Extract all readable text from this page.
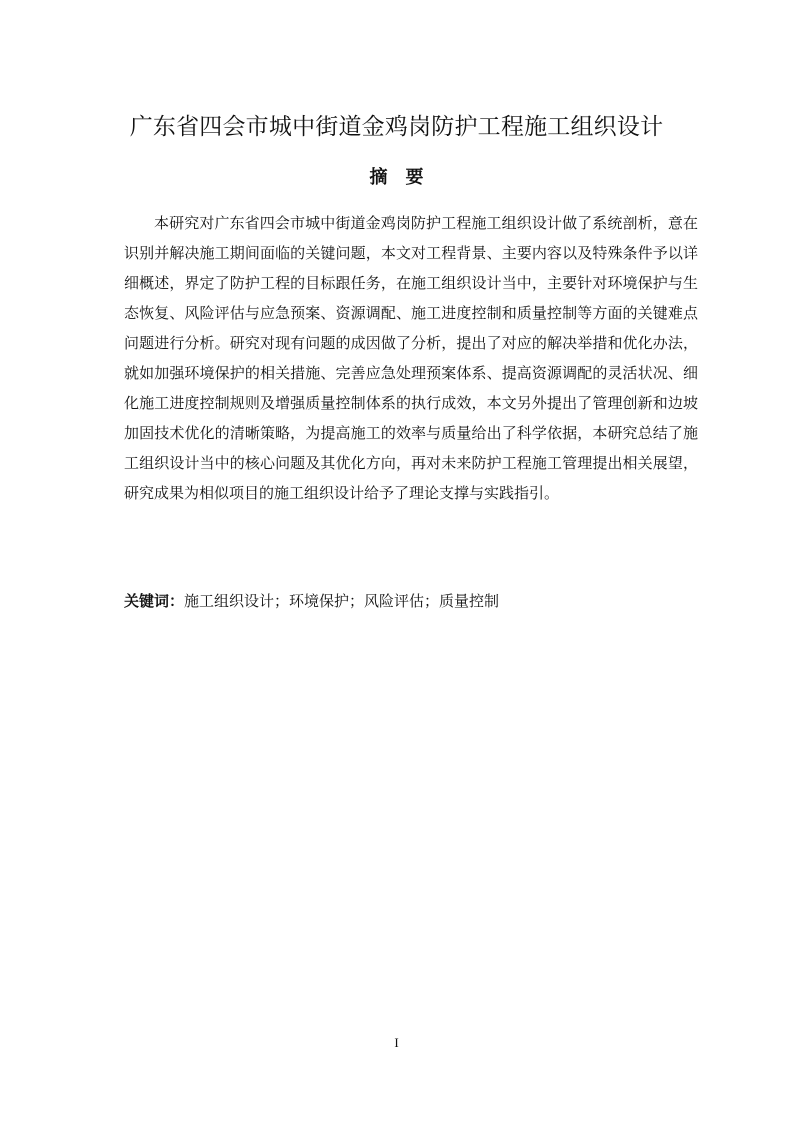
广东省四会市城中街道金鸡岗防护工程施工组织设计
摘　要

本研究对广东省四会市城中街道金鸡岗防护工程施工组织设计做了系统剖析，意在识别并解决施工期间面临的关键问题，本文对工程背景、主要内容以及特殊条件予以详细概述，界定了防护工程的目标跟任务，在施工组织设计当中，主要针对环境保护与生态恢复、风险评估与应急预案、资源调配、施工进度控制和质量控制等方面的关键难点问题进行分析。研究对现有问题的成因做了分析，提出了对应的解决举措和优化办法，就如加强环境保护的相关措施、完善应急处理预案体系、提高资源调配的灵活状况、细化施工进度控制规则及增强质量控制体系的执行成效，本文另外提出了管理创新和边坡加固技术优化的清晰策略，为提高施工的效率与质量给出了科学依据，本研究总结了施工组织设计当中的核心问题及其优化方向，再对未来防护工程施工管理提出相关展望，研究成果为相似项目的施工组织设计给予了理论支撑与实践指引。

关键词：施工组织设计；环境保护；风险评估；质量控制
I
